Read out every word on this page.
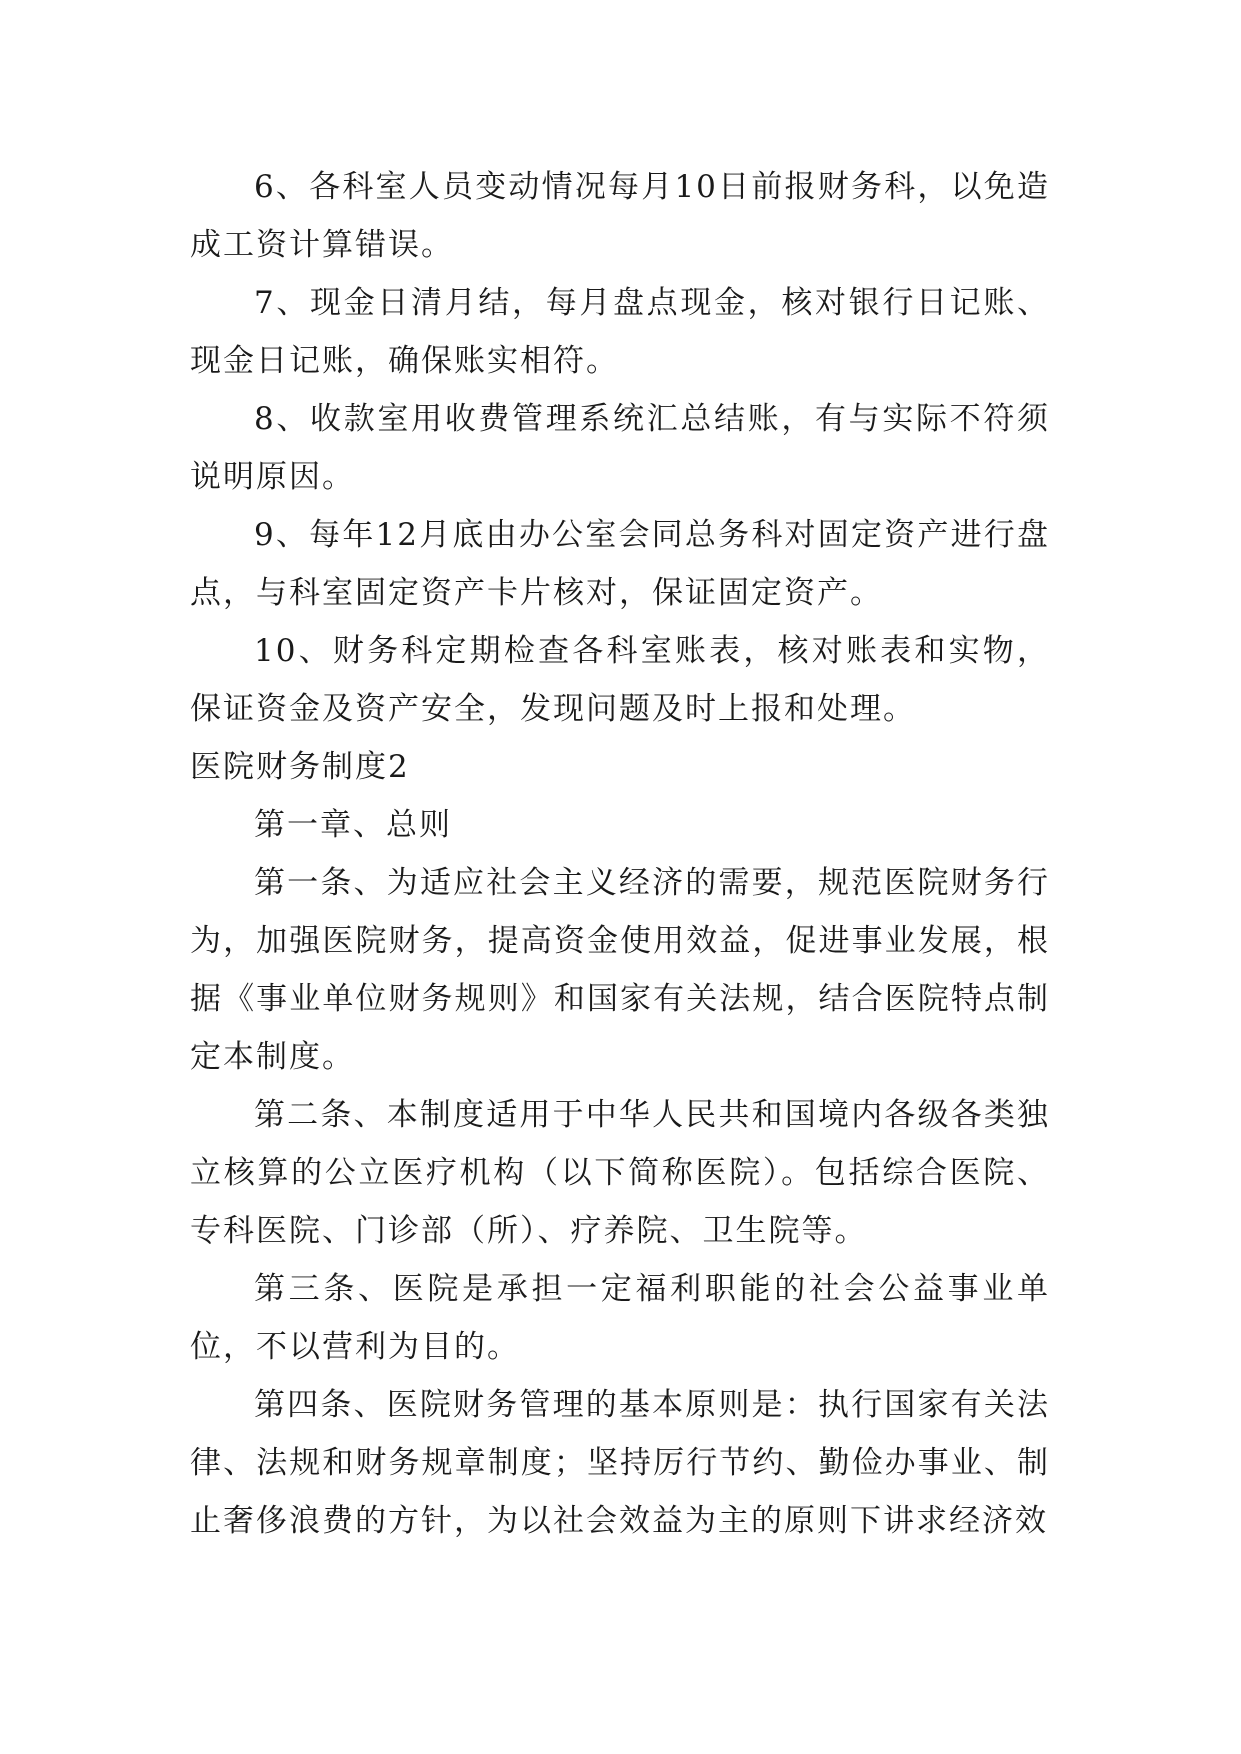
6、各科室人员变动情况每月10日前报财务科，以免造成工资计算错误。

7、现金日清月结，每月盘点现金，核对银行日记账、现金日记账，确保账实相符。

8、收款室用收费管理系统汇总结账，有与实际不符须说明原因。

9、每年12月底由办公室会同总务科对固定资产进行盘点，与科室固定资产卡片核对，保证固定资产。

10、财务科定期检查各科室账表，核对账表和实物，保证资金及资产安全，发现问题及时上报和处理。

医院财务制度2

第一章、总则

第一条、为适应社会主义经济的需要，规范医院财务行为，加强医院财务，提高资金使用效益，促进事业发展，根据《事业单位财务规则》和国家有关法规，结合医院特点制定本制度。

第二条、本制度适用于中华人民共和国境内各级各类独立核算的公立医疗机构（以下简称医院）。包括综合医院、专科医院、门诊部（所）、疗养院、卫生院等。

第三条、医院是承担一定福利职能的社会公益事业单位，不以营利为目的。

第四条、医院财务管理的基本原则是：执行国家有关法律、法规和财务规章制度；坚持厉行节约、勤俭办事业、制止奢侈浪费的方针，为以社会效益为主的原则下讲求经济效
